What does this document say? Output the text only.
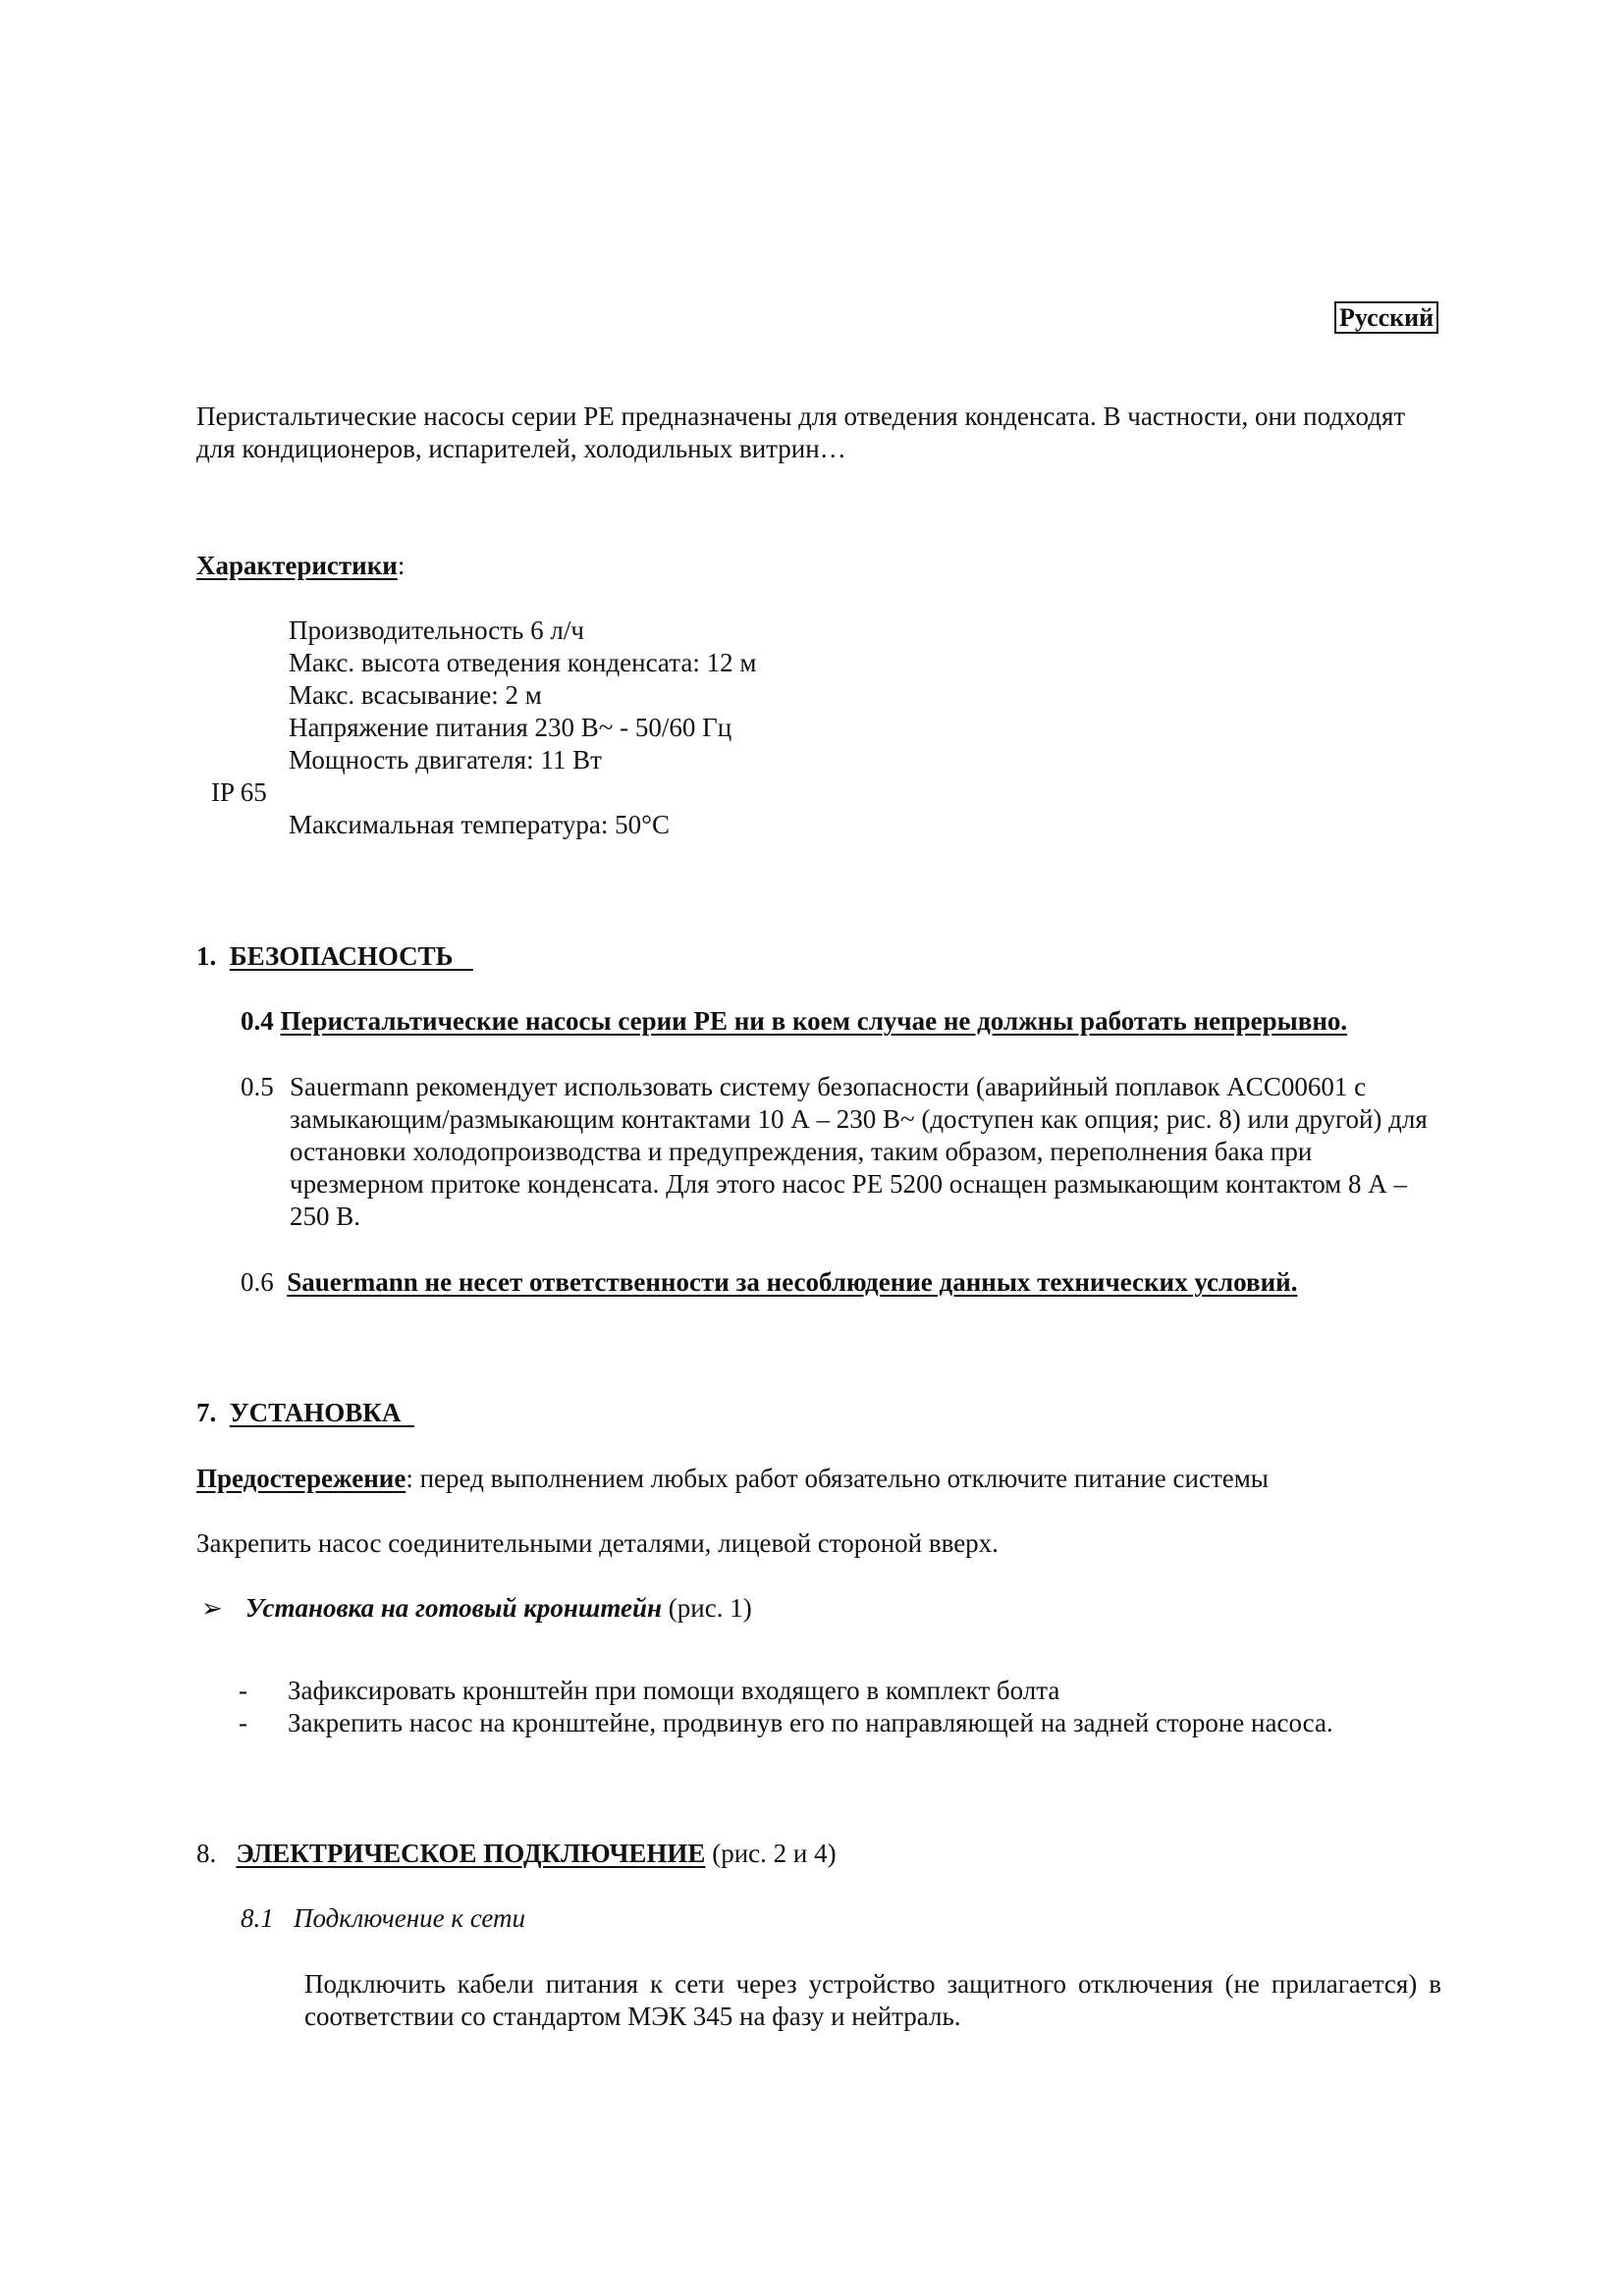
Русский

Перистальтические насосы серии РЕ предназначены для отведения конденсата. В частности, они подходят для кондиционеров, испарителей, холодильных витрин…

Характеристики:

Производительность 6 л/ч
Макс. высота отведения конденсата: 12 м
Макс. всасывание: 2 м
Напряжение питания 230 В~ - 50/60 Гц
Мощность двигателя: 11 Вт

IP 65

Максимальная температура: 50°С

1. БЕЗОПАСНОСТЬ

0.4 Перистальтические насосы серии РЕ ни в коем случае не должны работать непрерывно.

0.5 Sauermann рекомендует использовать систему безопасности (аварийный поплавок ACC00601 с замыкающим/размыкающим контактами 10 А – 230 В~ (доступен как опция; рис. 8) или другой) для остановки холодопроизводства и предупреждения, таким образом, переполнения бака при чрезмерном притоке конденсата. Для этого насос PE 5200 оснащен размыкающим контактом 8 А – 250 В.

0.6 Sauermann не несет ответственности за несоблюдение данных технических условий.

7. УСТАНОВКА

Предостережение: перед выполнением любых работ обязательно отключите питание системы

Закрепить насос соединительными деталями, лицевой стороной вверх.

➢ Установка на готовый кронштейн (рис. 1)
- Зафиксировать кронштейн при помощи входящего в комплект болта
- Закрепить насос на кронштейне, продвинув его по направляющей на задней стороне насоса.

8. ЭЛЕКТРИЧЕСКОЕ ПОДКЛЮЧЕНИЕ (рис. 2 и 4)

8.1 Подключение к сети

Подключить кабели питания к сети через устройство защитного отключения (не прилагается) в соответствии со стандартом МЭК 345 на фазу и нейтраль.
